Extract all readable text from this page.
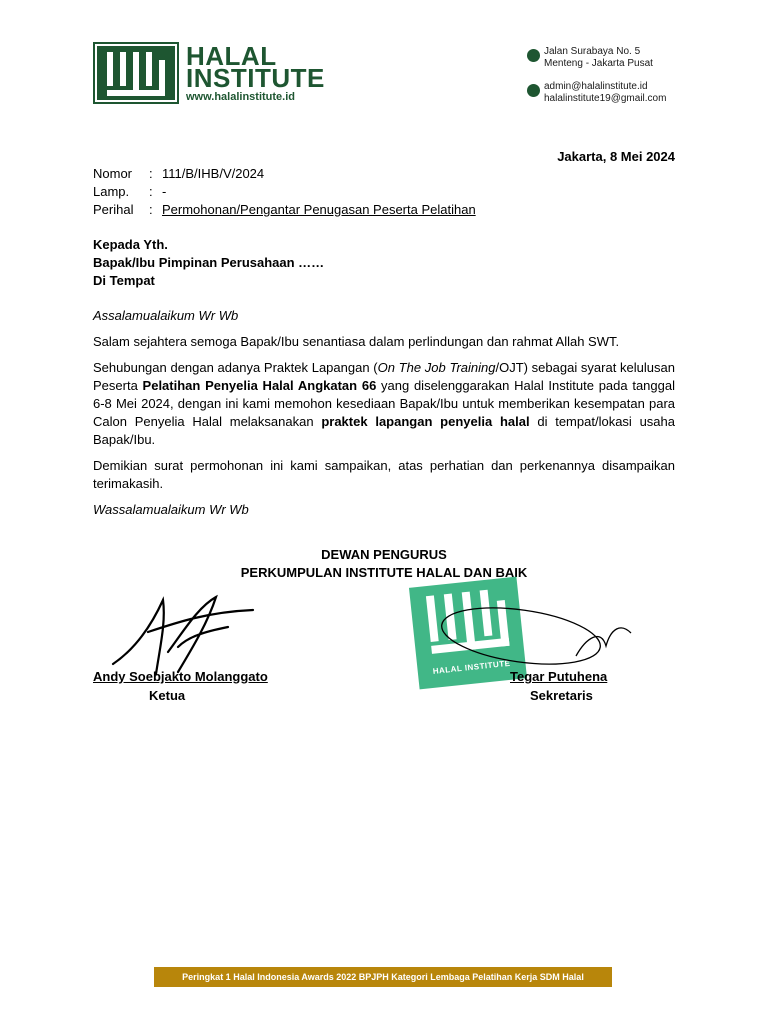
HALAL
INSTITUTE
www.halalinstitute.id
Jalan Surabaya No. 5
Menteng - Jakarta Pusat
admin@halalinstitute.id
halalinstitute19@gmail.com
Jakarta, 8 Mei 2024
Nomor	: 111/B/IHB/V/2024
Lamp.	: -
Perihal	: Permohonan/Pengantar Penugasan Peserta Pelatihan
Kepada Yth.
Bapak/Ibu Pimpinan Perusahaan ……
Di Tempat

Assalamualaikum Wr Wb

Salam sejahtera semoga Bapak/Ibu senantiasa dalam perlindungan dan rahmat Allah SWT.

Sehubungan dengan adanya Praktek Lapangan (On The Job Training/OJT) sebagai syarat kelulusan Peserta Pelatihan Penyelia Halal Angkatan 66 yang diselenggarakan Halal Institute pada tanggal 6-8 Mei 2024, dengan ini kami memohon kesediaan Bapak/Ibu untuk memberikan kesempatan para Calon Penyelia Halal melaksanakan praktek lapangan penyelia halal di tempat/lokasi usaha Bapak/Ibu.

Demikian surat permohonan ini kami sampaikan, atas perhatian dan perkenannya disampaikan terimakasih.

Wassalamualaikum Wr Wb

DEWAN PENGURUS
PERKUMPULAN INSTITUTE HALAL DAN BAIK
HALAL INSTITUTE
Andy Soebjakto Molanggato
Ketua
Tegar Putuhena
Sekretaris
Peringkat 1 Halal Indonesia Awards 2022 BPJPH Kategori Lembaga Pelatihan Kerja SDM Halal
